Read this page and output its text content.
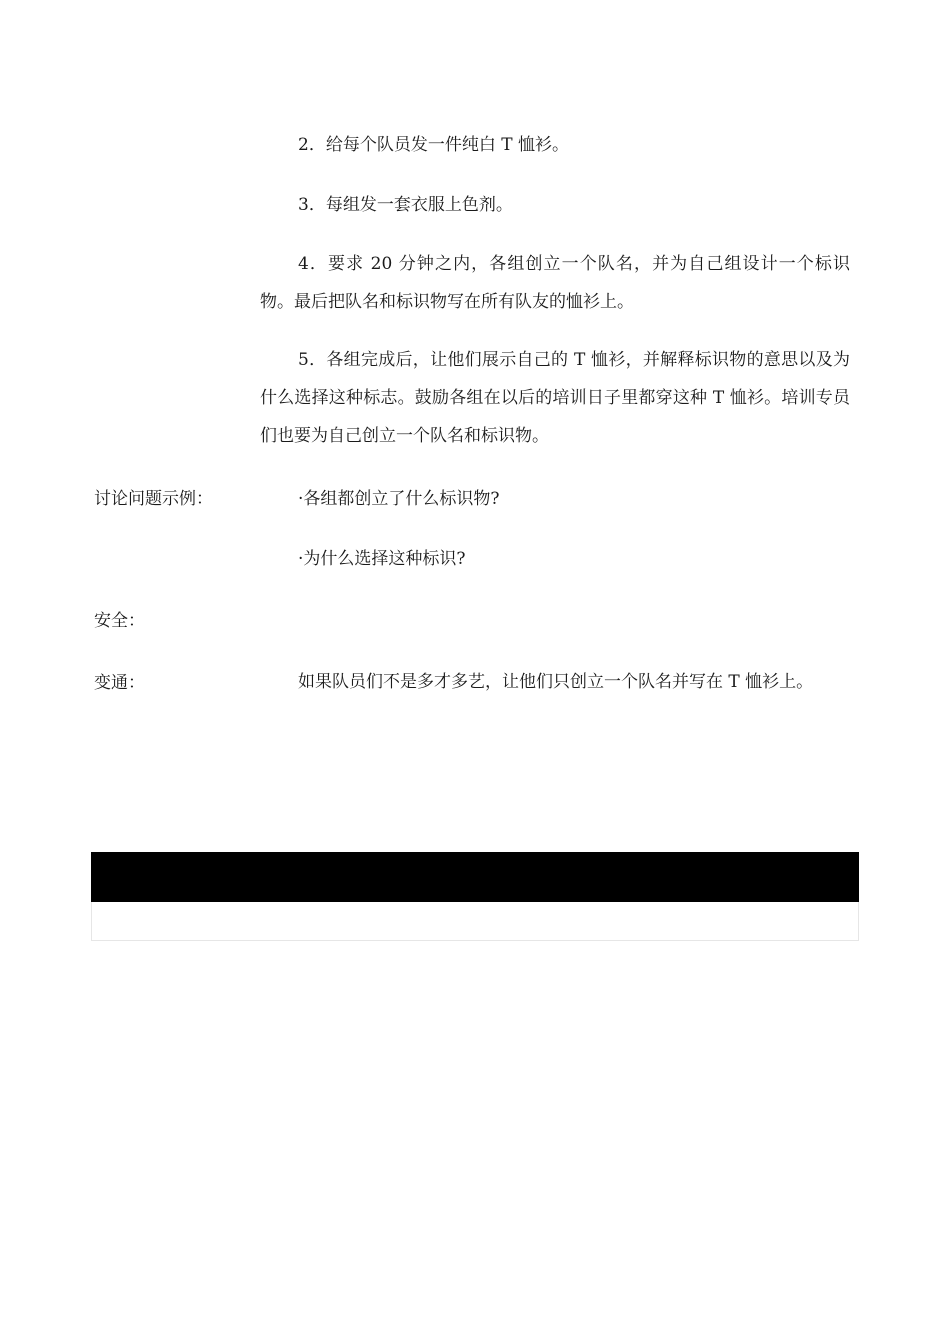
2．给每个队员发一件纯白 T 恤衫。

3．每组发一套衣服上色剂。

4．要求 20 分钟之内，各组创立一个队名，并为自己组设计一个标识物。最后把队名和标识物写在所有队友的恤衫上。

5．各组完成后，让他们展示自己的 T 恤衫，并解释标识物的意思以及为什么选择这种标志。鼓励各组在以后的培训日子里都穿这种 T 恤衫。培训专员们也要为自己创立一个队名和标识物。

讨论问题示例：	·各组都创立了什么标识物?

·为什么选择这种标识?

安全：

变通：	如果队员们不是多才多艺，让他们只创立一个队名并写在 T 恤衫上。
